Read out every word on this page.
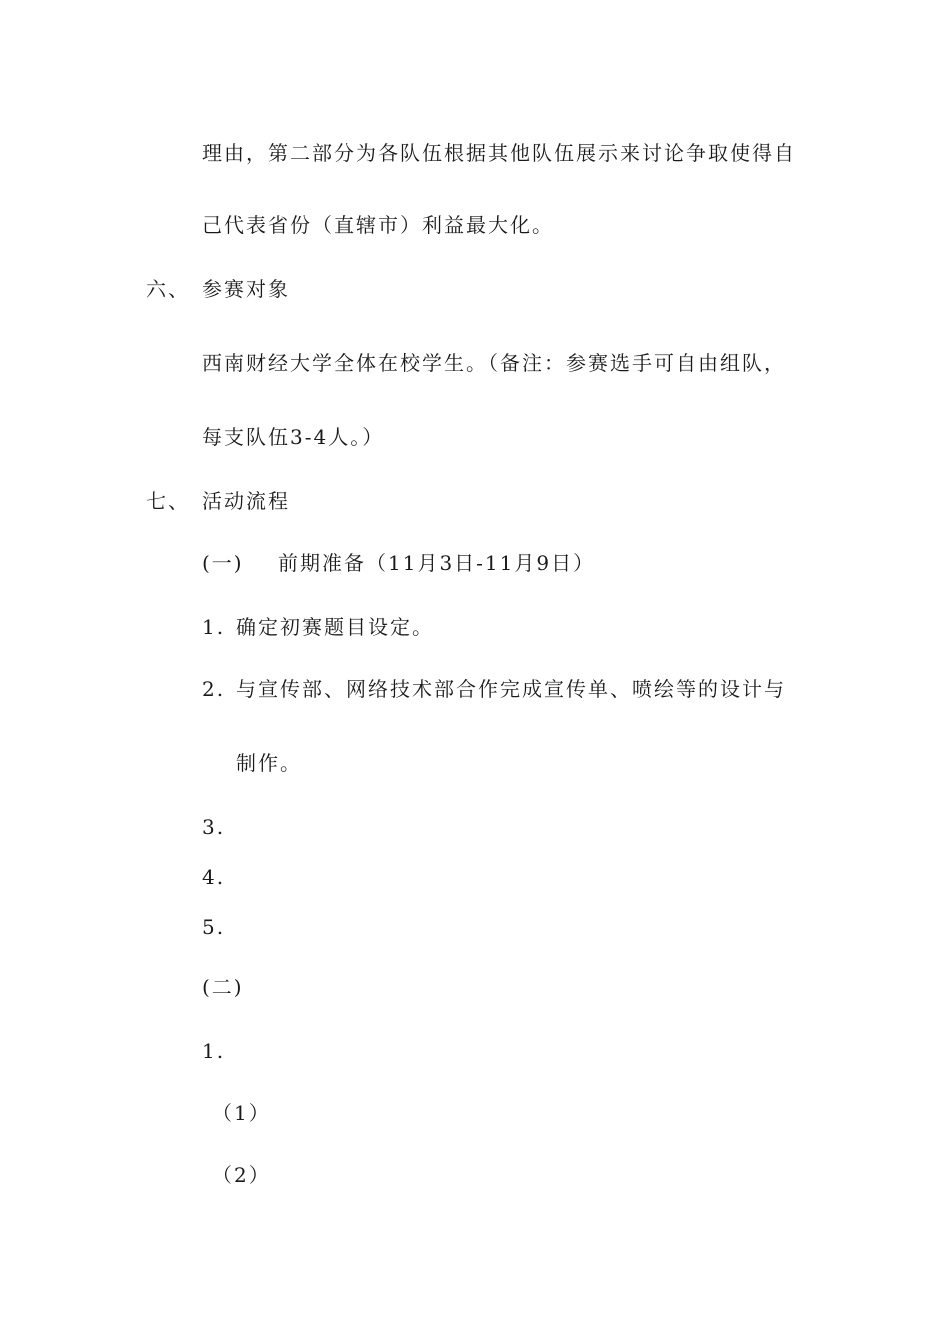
理由，第二部分为各队伍根据其他队伍展示来讨论争取使得自
己代表省份（直辖市）利益最大化。
六、 参赛对象
西南财经大学全体在校学生。（备注：参赛选手可自由组队，
每支队伍3-4人。）
七、 活动流程
(一) 前期准备（11月3日-11月9日）
1. 确定初赛题目设定。
2. 与宣传部、网络技术部合作完成宣传单、喷绘等的设计与
制作。
3.
4.
5.
(二)
1.
（1）
（2）
